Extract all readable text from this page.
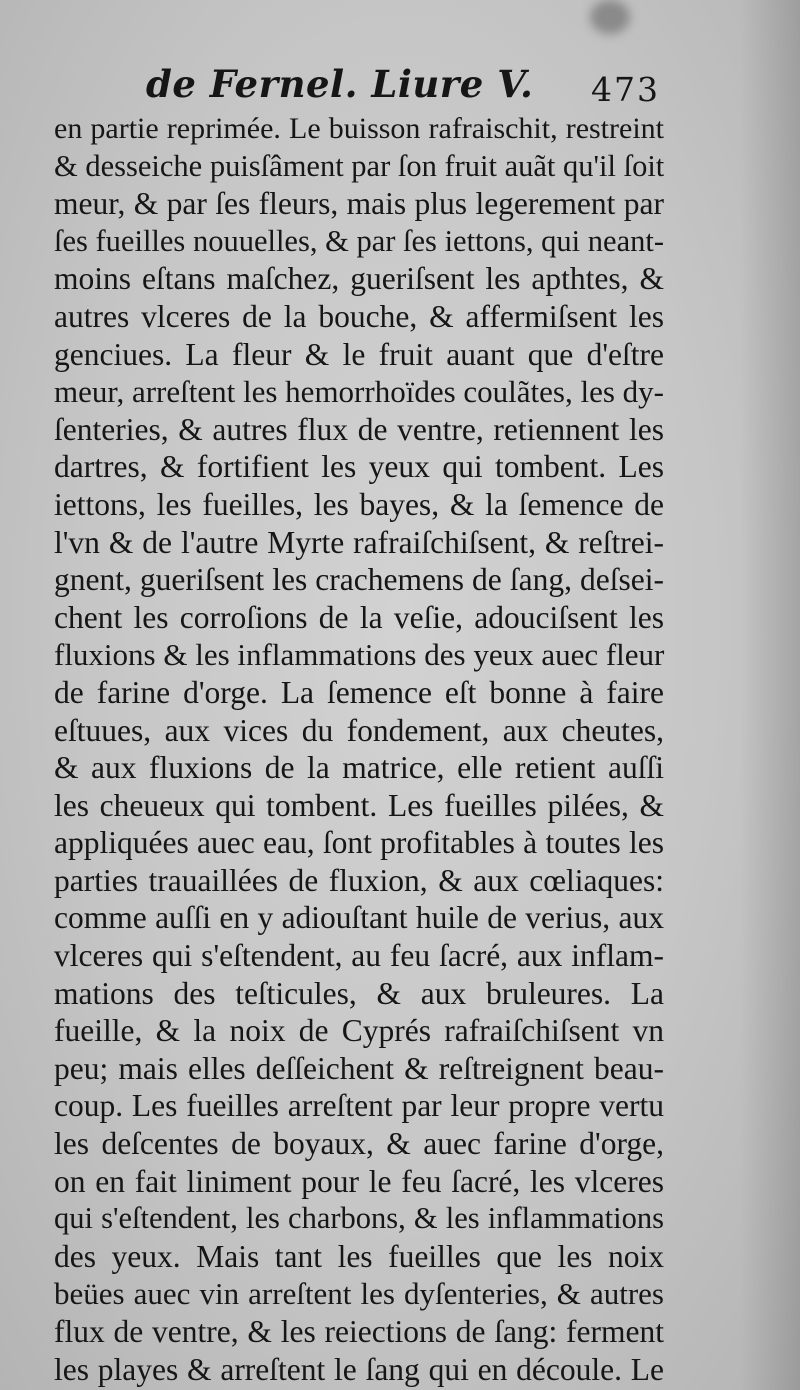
de Fernel. Liure V. 473
en partie reprimée. Le buisson rafraischit, restreint
& desseiche puisſâment par ſon fruit auãt qu'il ſoit
meur, & par ſes fleurs, mais plus legerement par
ſes fueilles nouuelles, & par ſes iettons, qui neant-
moins eſtans maſchez, gueriſsent les apthtes, &
autres vlceres de la bouche, & affermiſsent les
genciues. La fleur & le fruit auant que d'eſtre
meur, arreſtent les hemorrhoïdes coulãtes, les dy-
ſenteries, & autres flux de ventre, retiennent les
dartres, & fortifient les yeux qui tombent. Les
iettons, les fueilles, les bayes, & la ſemence de
l'vn & de l'autre Myrte rafraiſchiſsent, & reſtrei-
gnent, gueriſsent les crachemens de ſang, deſsei-
chent les corroſions de la veſie, adouciſsent les
fluxions & les inflammations des yeux auec fleur
de farine d'orge. La ſemence eſt bonne à faire
eſtuues, aux vices du fondement, aux cheutes,
& aux fluxions de la matrice, elle retient auſſi
les cheueux qui tombent. Les fueilles pilées, &
appliquées auec eau, ſont profitables à toutes les
parties trauaillées de fluxion, & aux cœliaques:
comme auſſi en y adiouſtant huile de verius, aux
vlceres qui s'eſtendent, au feu ſacré, aux inflam-
mations des teſticules, & aux bruleures. La
fueille, & la noix de Cyprés rafraiſchiſsent vn
peu; mais elles deſſeichent & reſtreignent beau-
coup. Les fueilles arreſtent par leur propre vertu
les deſcentes de boyaux, & auec farine d'orge,
on en fait liniment pour le feu ſacré, les vlceres
qui s'eſtendent, les charbons, & les inflammations
des yeux. Mais tant les fueilles que les noix
beües auec vin arreſtent les dyſenteries, & autres
flux de ventre, & les reiections de ſang: ferment
les playes & arreſtent le ſang qui en découle. Le
